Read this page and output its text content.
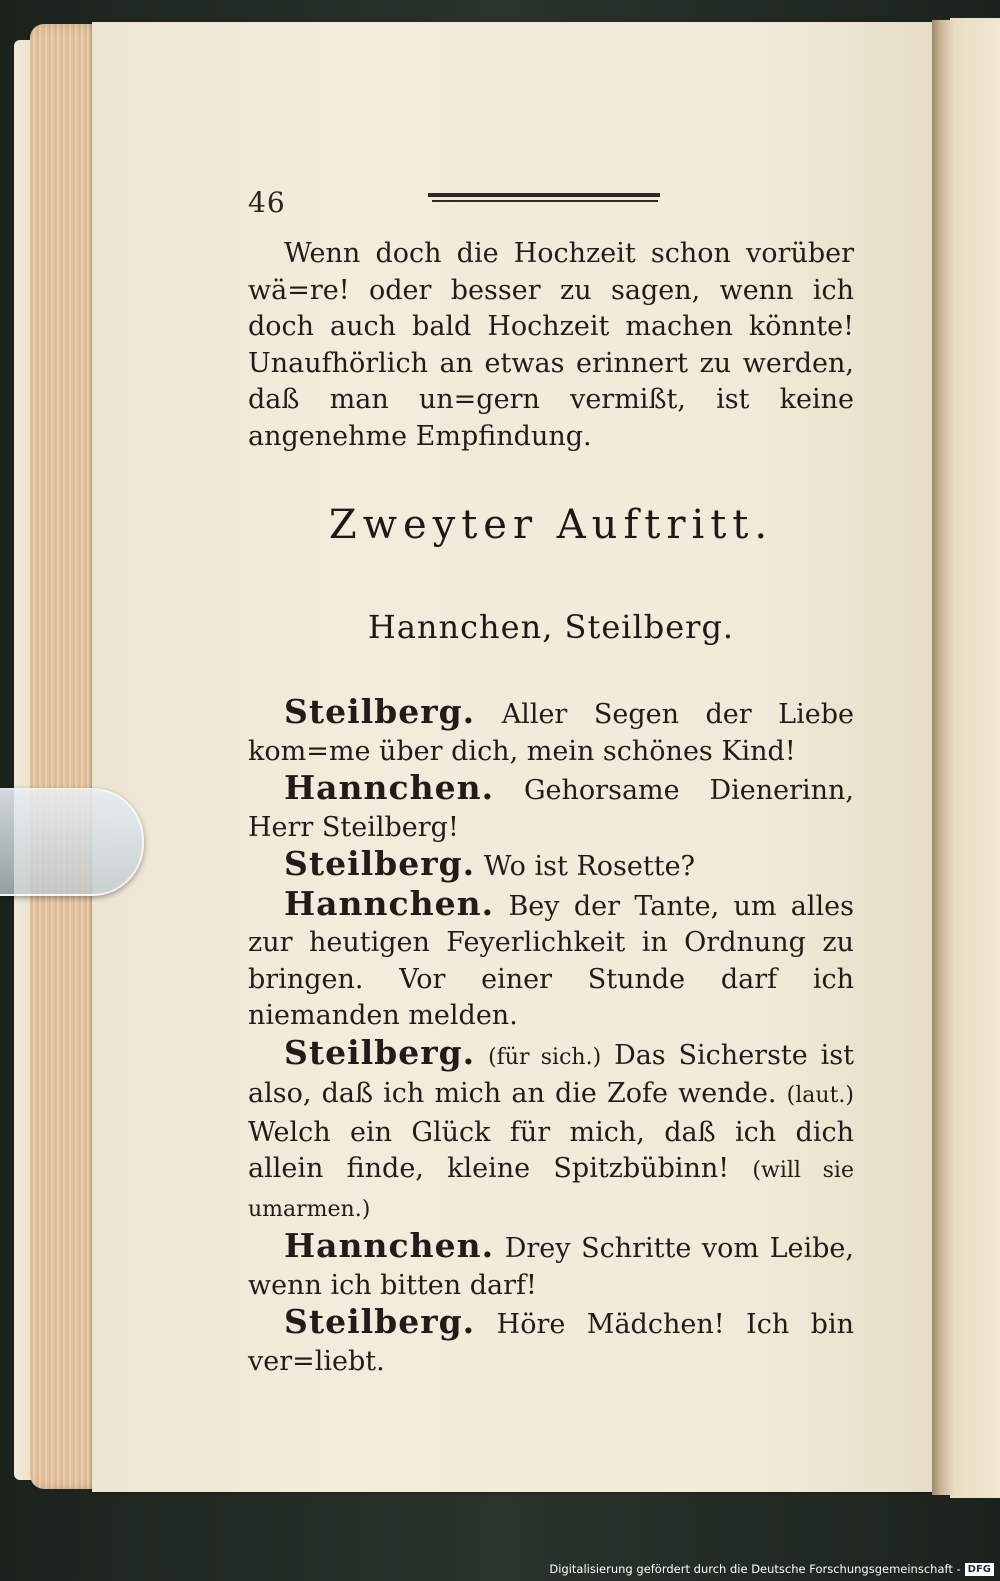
46

Wenn doch die Hochzeit schon vorüber wä=re! oder besser zu sagen, wenn ich doch auch bald Hochzeit machen könnte! Unaufhörlich an etwas erinnert zu werden, daß man un=gern vermißt, ist keine angenehme Empfindung.

Zweyter Auftritt.
Hannchen, Steilberg.

Steilberg. Aller Segen der Liebe kom=me über dich, mein schönes Kind!

Hannchen. Gehorsame Dienerinn, Herr Steilberg!

Steilberg. Wo ist Rosette?

Hannchen. Bey der Tante, um alles zur heutigen Feyerlichkeit in Ordnung zu bringen. Vor einer Stunde darf ich niemanden melden.

Steilberg. (für sich.) Das Sicherste ist also, daß ich mich an die Zofe wende. (laut.) Welch ein Glück für mich, daß ich dich allein finde, kleine Spitzbübinn! (will sie umarmen.)

Hannchen. Drey Schritte vom Leibe, wenn ich bitten darf!

Steilberg. Höre Mädchen! Ich bin ver=liebt.

Digitalisierung gefördert durch die Deutsche Forschungsgemeinschaft - DFG
